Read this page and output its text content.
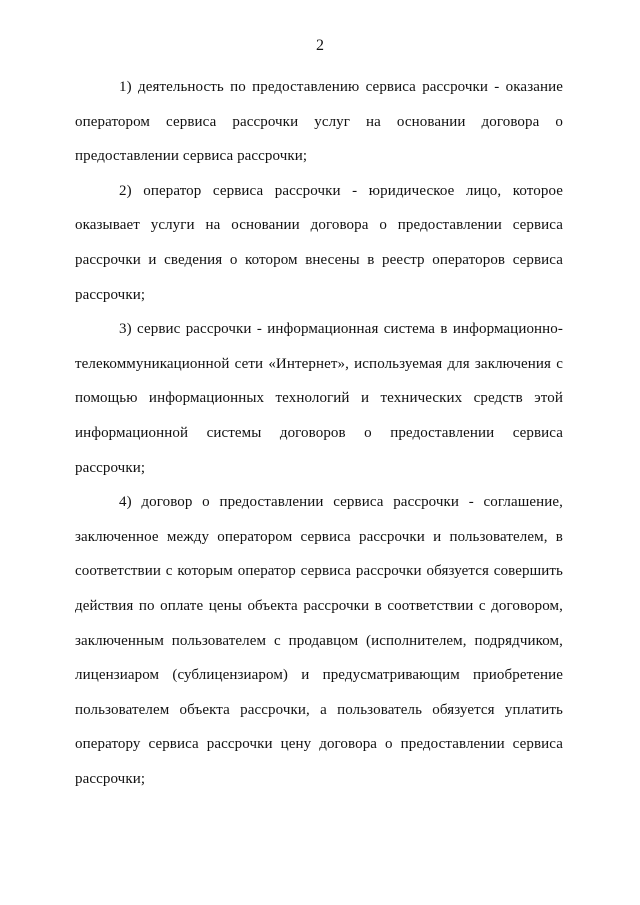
2

1) деятельность по предоставлению сервиса рассрочки - оказание оператором сервиса рассрочки услуг на основании договора о предоставлении сервиса рассрочки;

2) оператор сервиса рассрочки - юридическое лицо, которое оказывает услуги на основании договора о предоставлении сервиса рассрочки и сведения о котором внесены в реестр операторов сервиса рассрочки;

3) сервис рассрочки - информационная система в информационно-телекоммуникационной сети «Интернет», используемая для заключения с помощью информационных технологий и технических средств этой информационной системы договоров о предоставлении сервиса рассрочки;

4) договор о предоставлении сервиса рассрочки - соглашение, заключенное между оператором сервиса рассрочки и пользователем, в соответствии с которым оператор сервиса рассрочки обязуется совершить действия по оплате цены объекта рассрочки в соответствии с договором, заключенным пользователем с продавцом (исполнителем, подрядчиком, лицензиаром (сублицензиаром) и предусматривающим приобретение пользователем объекта рассрочки, а пользователь обязуется уплатить оператору сервиса рассрочки цену договора о предоставлении сервиса рассрочки;
